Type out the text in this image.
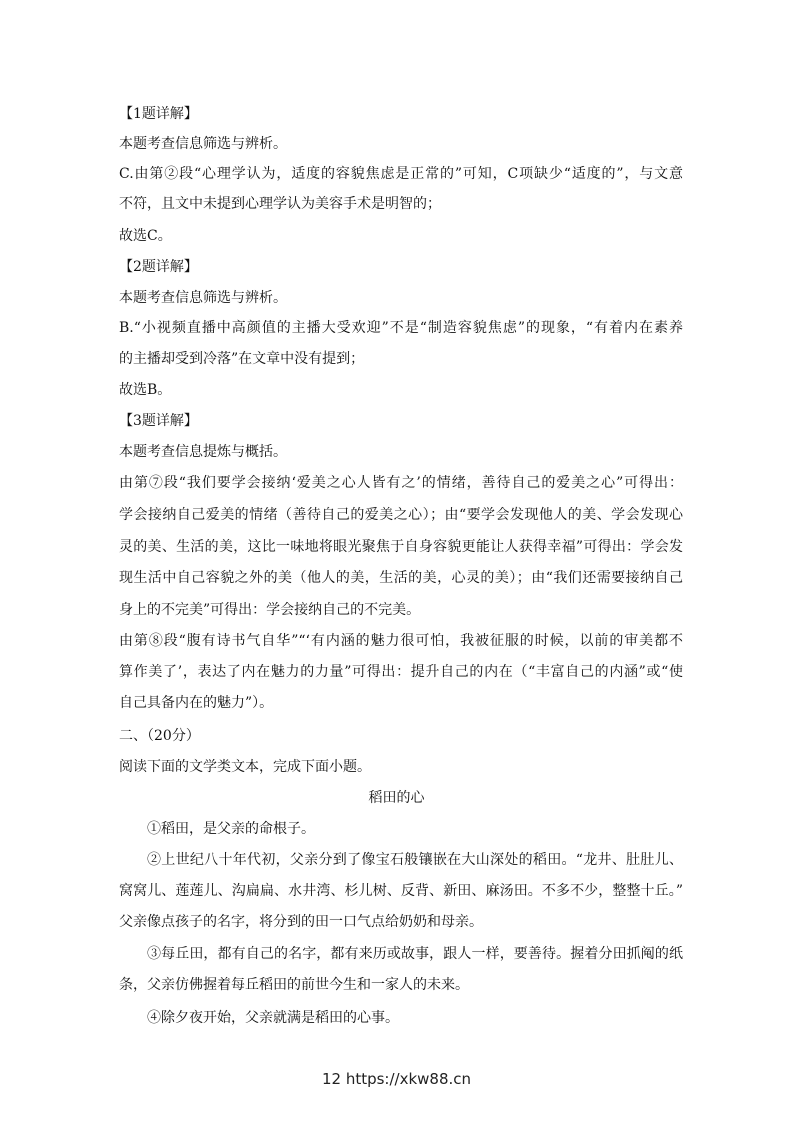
【1题详解】
本题考查信息筛选与辨析。
C.由第②段“心理学认为，适度的容貌焦虑是正常的”可知，C项缺少“适度的”，与文意
不符，且文中未提到心理学认为美容手术是明智的；
故选C。
【2题详解】
本题考查信息筛选与辨析。
B.“小视频直播中高颜值的主播大受欢迎”不是“制造容貌焦虑”的现象，“有着内在素养
的主播却受到冷落”在文章中没有提到；
故选B。
【3题详解】
本题考查信息提炼与概括。
由第⑦段“我们要学会接纳‘爱美之心人皆有之’的情绪，善待自己的爱美之心”可得出：
学会接纳自己爱美的情绪（善待自己的爱美之心）；由“要学会发现他人的美、学会发现心
灵的美、生活的美，这比一味地将眼光聚焦于自身容貌更能让人获得幸福”可得出：学会发
现生活中自己容貌之外的美（他人的美，生活的美，心灵的美）；由“我们还需要接纳自己
身上的不完美”可得出：学会接纳自己的不完美。
由第⑧段“腹有诗书气自华”“‘有内涵的魅力很可怕，我被征服的时候，以前的审美都不
算作美了’，表达了内在魅力的力量”可得出：提升自己的内在（“丰富自己的内涵”或“使
自己具备内在的魅力”）。
二、（20分）
阅读下面的文学类文本，完成下面小题。
稻田的心
①稻田，是父亲的命根子。
②上世纪八十年代初，父亲分到了像宝石般镶嵌在大山深处的稻田。“龙井、肚肚儿、
窝窝儿、莲莲儿、沟扁扁、水井湾、杉儿树、反背、新田、麻汤田。不多不少，整整十丘。”
父亲像点孩子的名字，将分到的田一口气点给奶奶和母亲。
③每丘田，都有自己的名字，都有来历或故事，跟人一样，要善待。握着分田抓阄的纸
条，父亲仿佛握着每丘稻田的前世今生和一家人的未来。
④除夕夜开始，父亲就满是稻田的心事。
12 https://xkw88.cn
